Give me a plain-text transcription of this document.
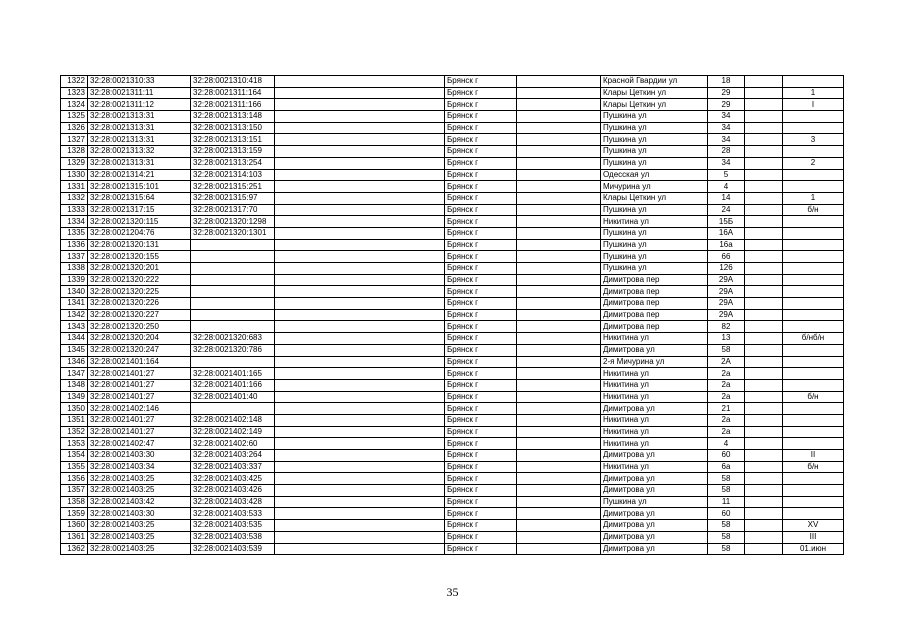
1322	32:28:0021310:33	32:28:0021310:418		Брянск г		Красной Гвардии ул	18		
1323	32:28:0021311:11	32:28:0021311:164		Брянск г		Клары Цеткин ул	29		1
1324	32:28:0021311:12	32:28:0021311:166		Брянск г		Клары Цеткин ул	29		I
1325	32:28:0021313:31	32:28:0021313:148		Брянск г		Пушкина ул	34		
1326	32:28:0021313:31	32:28:0021313:150		Брянск г		Пушкина ул	34		
1327	32:28:0021313:31	32:28:0021313:151		Брянск г		Пушкина ул	34		3
1328	32:28:0021313:32	32:28:0021313:159		Брянск г		Пушкина ул	28		
1329	32:28:0021313:31	32:28:0021313:254		Брянск г		Пушкина ул	34		2
1330	32:28:0021314:21	32:28:0021314:103		Брянск г		Одесская ул	5		
1331	32:28:0021315:101	32:28:0021315:251		Брянск г		Мичурина ул	4		
1332	32:28:0021315:64	32:28:0021315:97		Брянск г		Клары Цеткин ул	14		1
1333	32:28:0021317:15	32:28:0021317:70		Брянск г		Пушкина ул	24		б/н
1334	32:28:0021320:115	32:28:0021320:1298		Брянск г		Никитина ул	15Б		
1335	32:28:0021204:76	32:28:0021320:1301		Брянск г		Пушкина ул	16А		
1336	32:28:0021320:131			Брянск г		Пушкина ул	16а		
1337	32:28:0021320:155			Брянск г		Пушкина ул	66		
1338	32:28:0021320:201			Брянск г		Пушкина ул	126		
1339	32:28:0021320:222			Брянск г		Димитрова пер	29А		
1340	32:28:0021320:225			Брянск г		Димитрова пер	29А		
1341	32:28:0021320:226			Брянск г		Димитрова пер	29А		
1342	32:28:0021320:227			Брянск г		Димитрова пер	29А		
1343	32:28:0021320:250			Брянск г		Димитрова пер	82		
1344	32:28:0021320:204	32:28:0021320:683		Брянск г		Никитина ул	13		б/нб/н
1345	32:28:0021320:247	32:28:0021320:786		Брянск г		Димитрова ул	58		
1346	32:28:0021401:164			Брянск г		2-я Мичурина ул	2А		
1347	32:28:0021401:27	32:28:0021401:165		Брянск г		Никитина ул	2а		
1348	32:28:0021401:27	32:28:0021401:166		Брянск г		Никитина ул	2а		
1349	32:28:0021401:27	32:28:0021401:40		Брянск г		Никитина ул	2а		б/н
1350	32:28:0021402:146			Брянск г		Димитрова ул	21		
1351	32:28:0021401:27	32:28:0021402:148		Брянск г		Никитина ул	2а		
1352	32:28:0021401:27	32:28:0021402:149		Брянск г		Никитина ул	2а		
1353	32:28:0021402:47	32:28:0021402:60		Брянск г		Никитина ул	4		
1354	32:28:0021403:30	32:28:0021403:264		Брянск г		Димитрова ул	60		II
1355	32:28:0021403:34	32:28:0021403:337		Брянск г		Никитина ул	6а		б/н
1356	32:28:0021403:25	32:28:0021403:425		Брянск г		Димитрова ул	58		
1357	32:28:0021403:25	32:28:0021403:426		Брянск г		Димитрова ул	58		
1358	32:28:0021403:42	32:28:0021403:428		Брянск г		Пушкина ул	11		
1359	32:28:0021403:30	32:28:0021403:533		Брянск г		Димитрова ул	60		
1360	32:28:0021403:25	32:28:0021403:535		Брянск г		Димитрова ул	58		XV
1361	32:28:0021403:25	32:28:0021403:538		Брянск г		Димитрова ул	58		III
1362	32:28:0021403:25	32:28:0021403:539		Брянск г		Димитрова ул	58		01.июн
35
